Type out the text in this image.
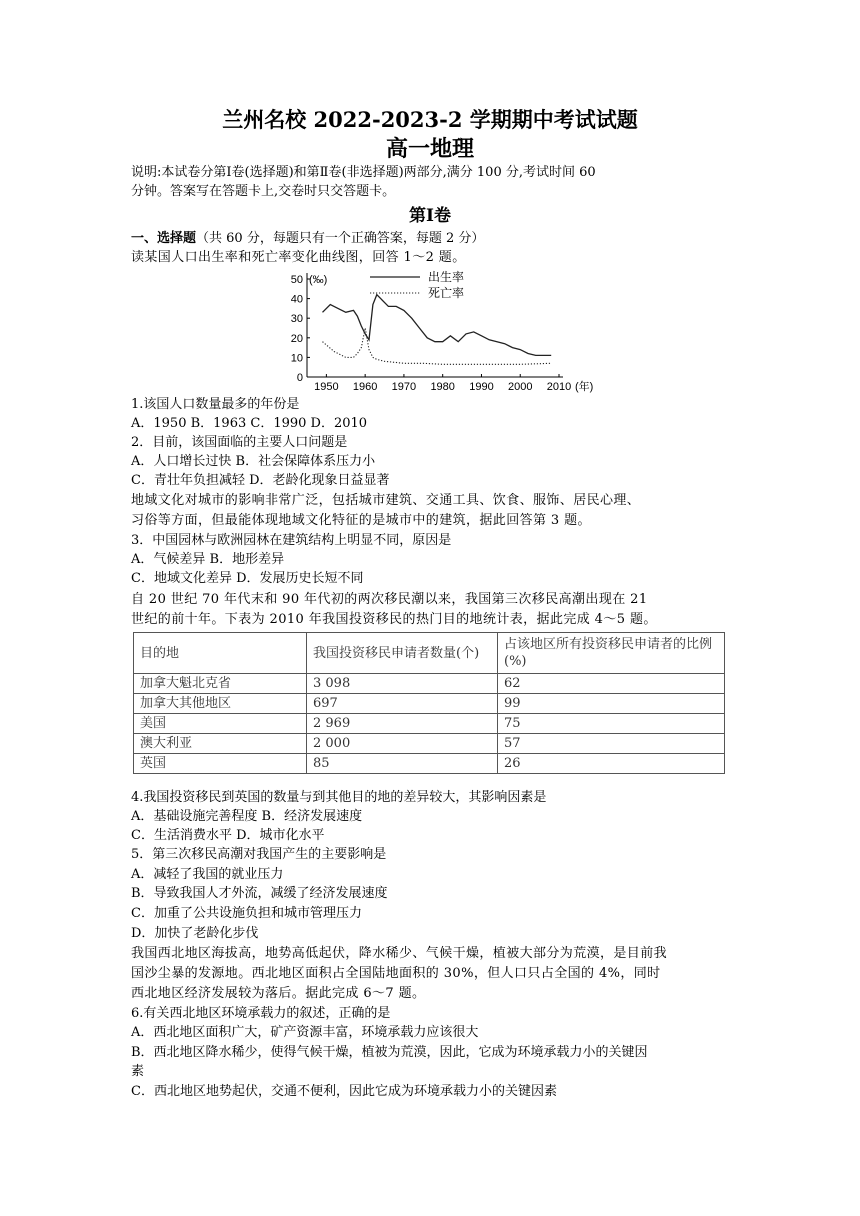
兰州名校 2022-2023-2 学期期中考试试题
高一地理
说明:本试卷分第Ⅰ卷(选择题)和第Ⅱ卷(非选择题)两部分,满分 100 分,考试时间 60
分钟。答案写在答题卡上,交卷时只交答题卡。
第Ⅰ卷
一、选择题（共 60 分，每题只有一个正确答案，每题 2 分）
读某国人口出生率和死亡率变化曲线图，回答 1～2 题。
0
10
20
30
40
50 (‰)
1950 1960 1970 1980 1990 2000 2010 (年)
出生率
死亡率
1.该国人口数量最多的年份是
A．1950 B．1963 C．1990 D．2010
2．目前，该国面临的主要人口问题是
A．人口增长过快 B．社会保障体系压力小
C．青壮年负担减轻 D．老龄化现象日益显著
地域文化对城市的影响非常广泛，包括城市建筑、交通工具、饮食、服饰、居民心理、
习俗等方面，但最能体现地域文化特征的是城市中的建筑，据此回答第 3 题。
3．中国园林与欧洲园林在建筑结构上明显不同，原因是
A．气候差异 B．地形差异
C．地域文化差异 D．发展历史长短不同
自 20 世纪 70 年代末和 90 年代初的两次移民潮以来，我国第三次移民高潮出现在 21
世纪的前十年。下表为 2010 年我国投资移民的热门目的地统计表，据此完成 4～5 题。
目的地	我国投资移民申请者数量(个)	占该地区所有投资移民申请者的比例(%)
加拿大魁北克省	3 098	62
加拿大其他地区	697	99
美国	2 969	75
澳大利亚	2 000	57
英国	85	26
4.我国投资移民到英国的数量与到其他目的地的差异较大，其影响因素是
A．基础设施完善程度 B．经济发展速度
C．生活消费水平 D．城市化水平
5．第三次移民高潮对我国产生的主要影响是
A．减轻了我国的就业压力
B．导致我国人才外流，减缓了经济发展速度
C．加重了公共设施负担和城市管理压力
D．加快了老龄化步伐
我国西北地区海拔高，地势高低起伏，降水稀少、气候干燥，植被大部分为荒漠，是目前我
国沙尘暴的发源地。西北地区面积占全国陆地面积的 30%，但人口只占全国的 4%，同时
西北地区经济发展较为落后。据此完成 6～7 题。
6.有关西北地区环境承载力的叙述，正确的是
A．西北地区面积广大，矿产资源丰富，环境承载力应该很大
B．西北地区降水稀少，使得气候干燥，植被为荒漠，因此，它成为环境承载力小的关键因
素
C．西北地区地势起伏，交通不便利，因此它成为环境承载力小的关键因素
